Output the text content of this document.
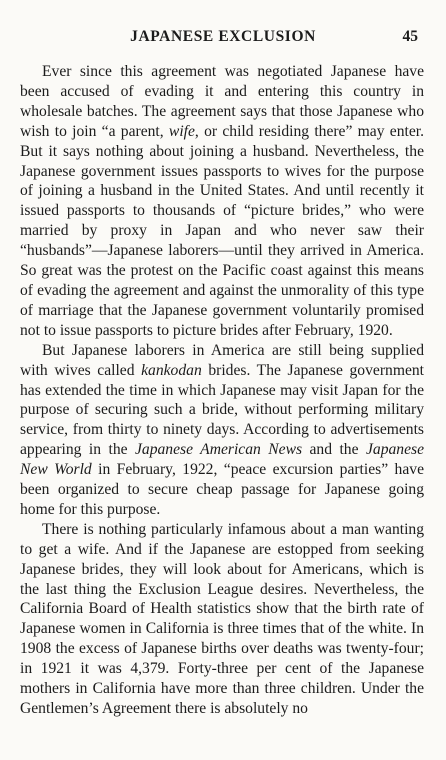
JAPANESE EXCLUSION	45

Ever since this agreement was negotiated Japanese have been accused of evading it and entering this country in wholesale batches. The agreement says that those Japanese who wish to join “a parent, wife, or child residing there” may enter. But it says nothing about joining a husband. Nevertheless, the Japanese government issues passports to wives for the purpose of joining a husband in the United States. And until recently it issued passports to thousands of “picture brides,” who were married by proxy in Japan and who never saw their “husbands”—Japanese laborers—until they arrived in America. So great was the protest on the Pacific coast against this means of evading the agreement and against the unmorality of this type of marriage that the Japanese government voluntarily promised not to issue passports to picture brides after February, 1920.

But Japanese laborers in America are still being supplied with wives called kankodan brides. The Japanese government has extended the time in which Japanese may visit Japan for the purpose of securing such a bride, without performing military service, from thirty to ninety days. According to advertisements appearing in the Japanese American News and the Japanese New World in February, 1922, “peace excursion parties” have been organized to secure cheap passage for Japanese going home for this purpose.

There is nothing particularly infamous about a man wanting to get a wife. And if the Japanese are estopped from seeking Japanese brides, they will look about for Americans, which is the last thing the Exclusion League desires. Nevertheless, the California Board of Health statistics show that the birth rate of Japanese women in California is three times that of the white. In 1908 the excess of Japanese births over deaths was twenty-four; in 1921 it was 4,379. Forty-three per cent of the Japanese mothers in California have more than three children. Under the Gentlemen’s Agreement there is absolutely no
